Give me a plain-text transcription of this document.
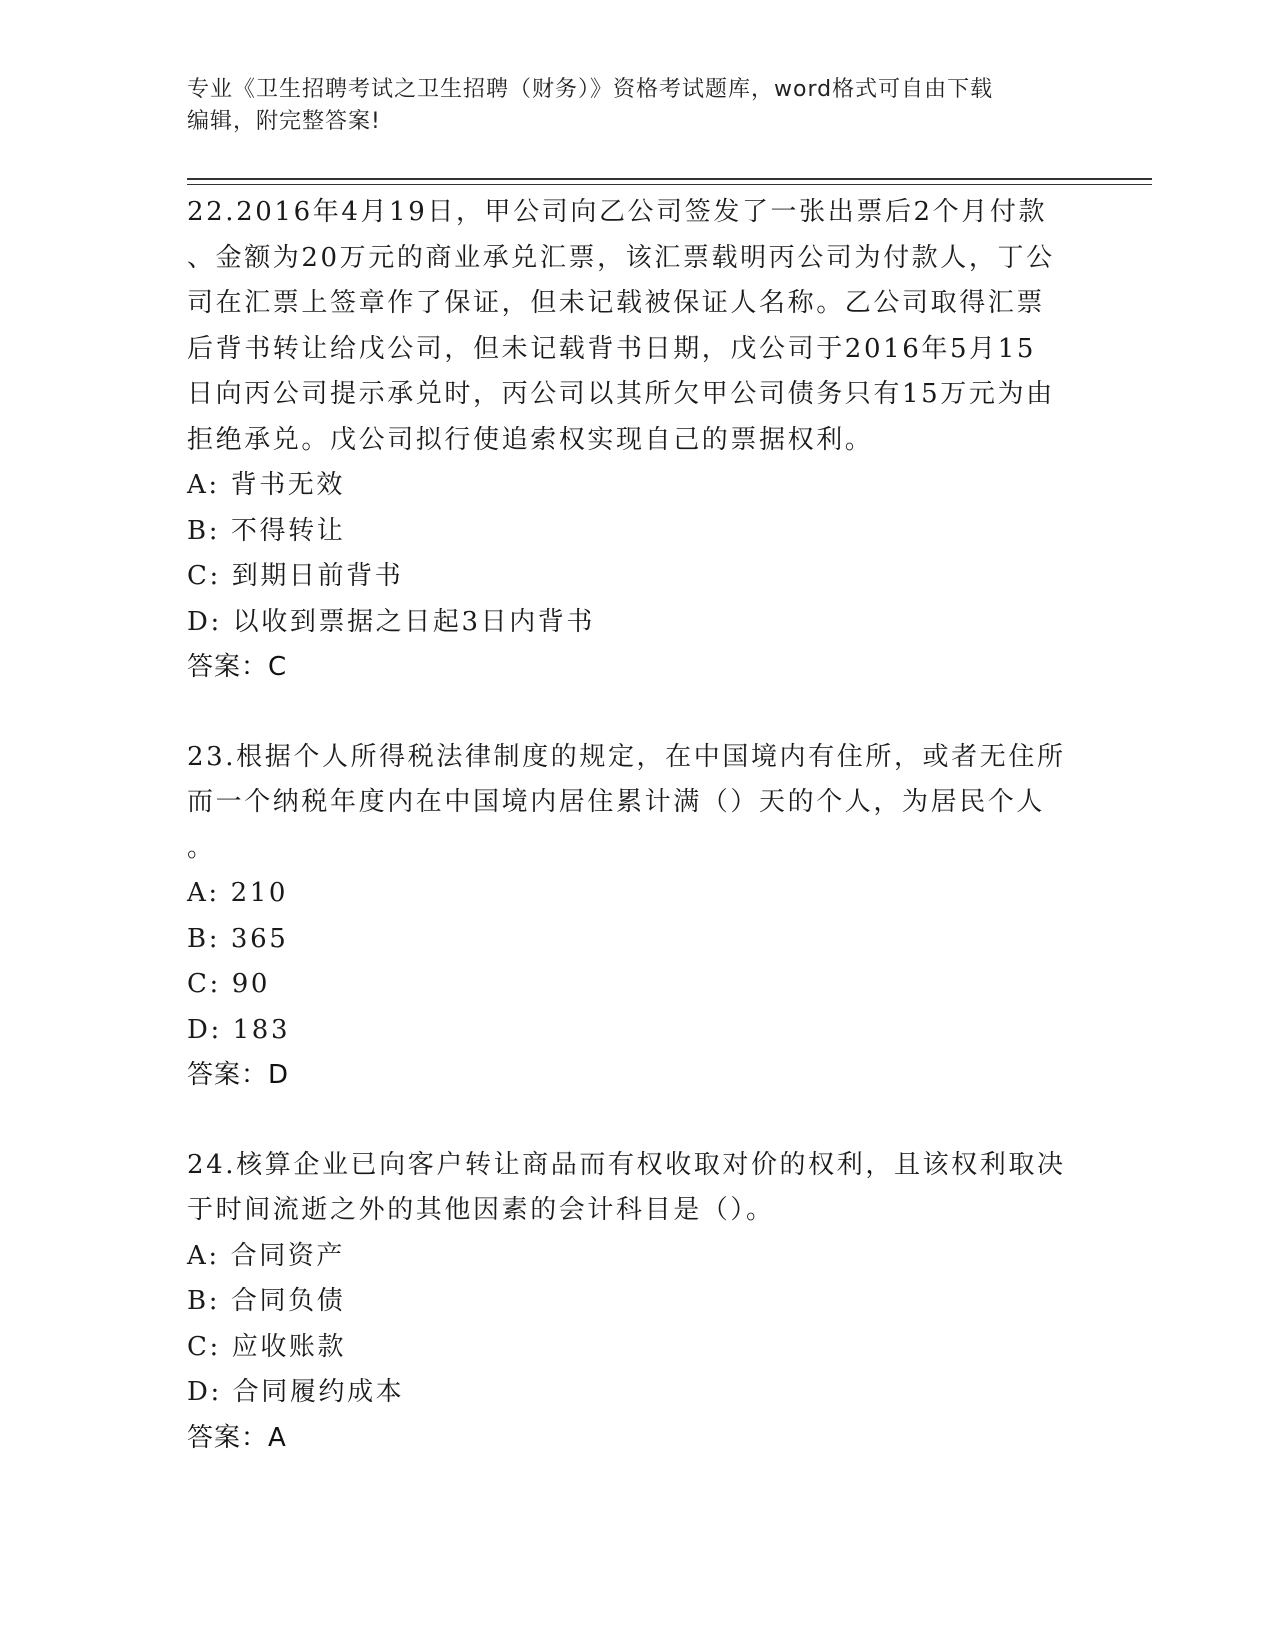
专业《卫生招聘考试之卫生招聘（财务）》资格考试题库，word格式可自由下载
编辑，附完整答案!

22.2016年4月19日，甲公司向乙公司签发了一张出票后2个月付款
、金额为20万元的商业承兑汇票，该汇票载明丙公司为付款人，丁公
司在汇票上签章作了保证，但未记载被保证人名称。乙公司取得汇票
后背书转让给戊公司，但未记载背书日期，戊公司于2016年5月15
日向丙公司提示承兑时，丙公司以其所欠甲公司债务只有15万元为由
拒绝承兑。戊公司拟行使追索权实现自己的票据权利。

A: 背书无效

B: 不得转让

C: 到期日前背书

D: 以收到票据之日起3日内背书

答案：C

23.根据个人所得税法律制度的规定，在中国境内有住所，或者无住所
而一个纳税年度内在中国境内居住累计满（）天的个人，为居民个人
。

A: 210

B: 365

C: 90

D: 183

答案：D

24.核算企业已向客户转让商品而有权收取对价的权利，且该权利取决
于时间流逝之外的其他因素的会计科目是（）。

A: 合同资产

B: 合同负债

C: 应收账款

D: 合同履约成本

答案：A
